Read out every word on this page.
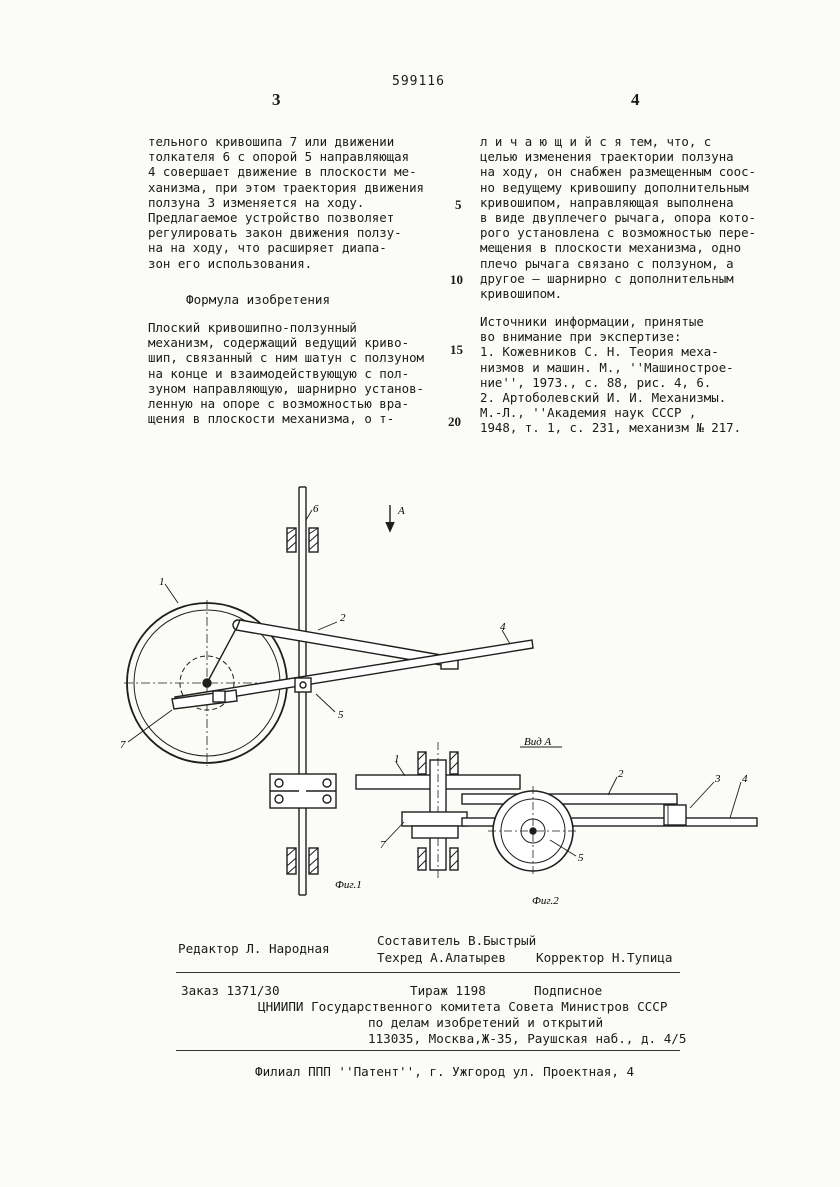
599116
3	4
тельного кривошипа 7 или движении
толкателя 6 с опорой 5 направляющая
4 совершает движение в плоскости ме-
ханизма, при этом траектория движения
ползуна 3 изменяется на ходу.
Предлагаемое устройство позволяет
регулировать закон движения ползу-
на на ходу, что расширяет диапа-
зон его использования.
Формула изобретения
Плоский кривошипно-ползунный
механизм, содержащий ведущий криво-
шип, связанный с ним шатун с ползуном
на конце и взаимодействующую с пол-
зуном направляющую, шарнирно установ-
ленную на опоре с возможностью вра-
щения в плоскости механизма, о т-
л и ч а ю щ и й с я тем, что, с
целью изменения траектории ползуна
на ходу, он снабжен размещенным соос-
но ведущему кривошипу дополнительным
кривошипом, направляющая выполнена
в виде двуплечего рычага, опора кото-
рого установлена с возможностью пере-
мещения в плоскости механизма, одно
плечо рычага связано с ползуном, а
другое — шарнирно с дополнительным
кривошипом.
Источники информации, принятые
во внимание при экспертизе:
1. Кожевников С. Н. Теория меха-
низмов и машин. М., ''Машинострое-
ние'', 1973., с. 88, рис. 4, 6.
2. Артоболевский И. И. Механизмы.
М.-Л., ''Академия наук СССР ,
1948, т. 1, с. 231, механизм № 217.
5
10
15
20
1
2
4
5
6
7
A
Фиг.1
Вид А
1
2	3 4
5
7
Фиг.2
Редактор Л. Народная
Составитель В.Быстрый
Техред А.Алатырев Корректор Н.Тупица
Заказ 1371/30	Тираж 1198	Подписное
ЦНИИПИ Государственного комитета Совета Министров СССР
по делам изобретений и открытий
113035, Москва,Ж-35, Раушская наб., д. 4/5
Филиал ППП ''Патент'', г. Ужгород ул. Проектная, 4
